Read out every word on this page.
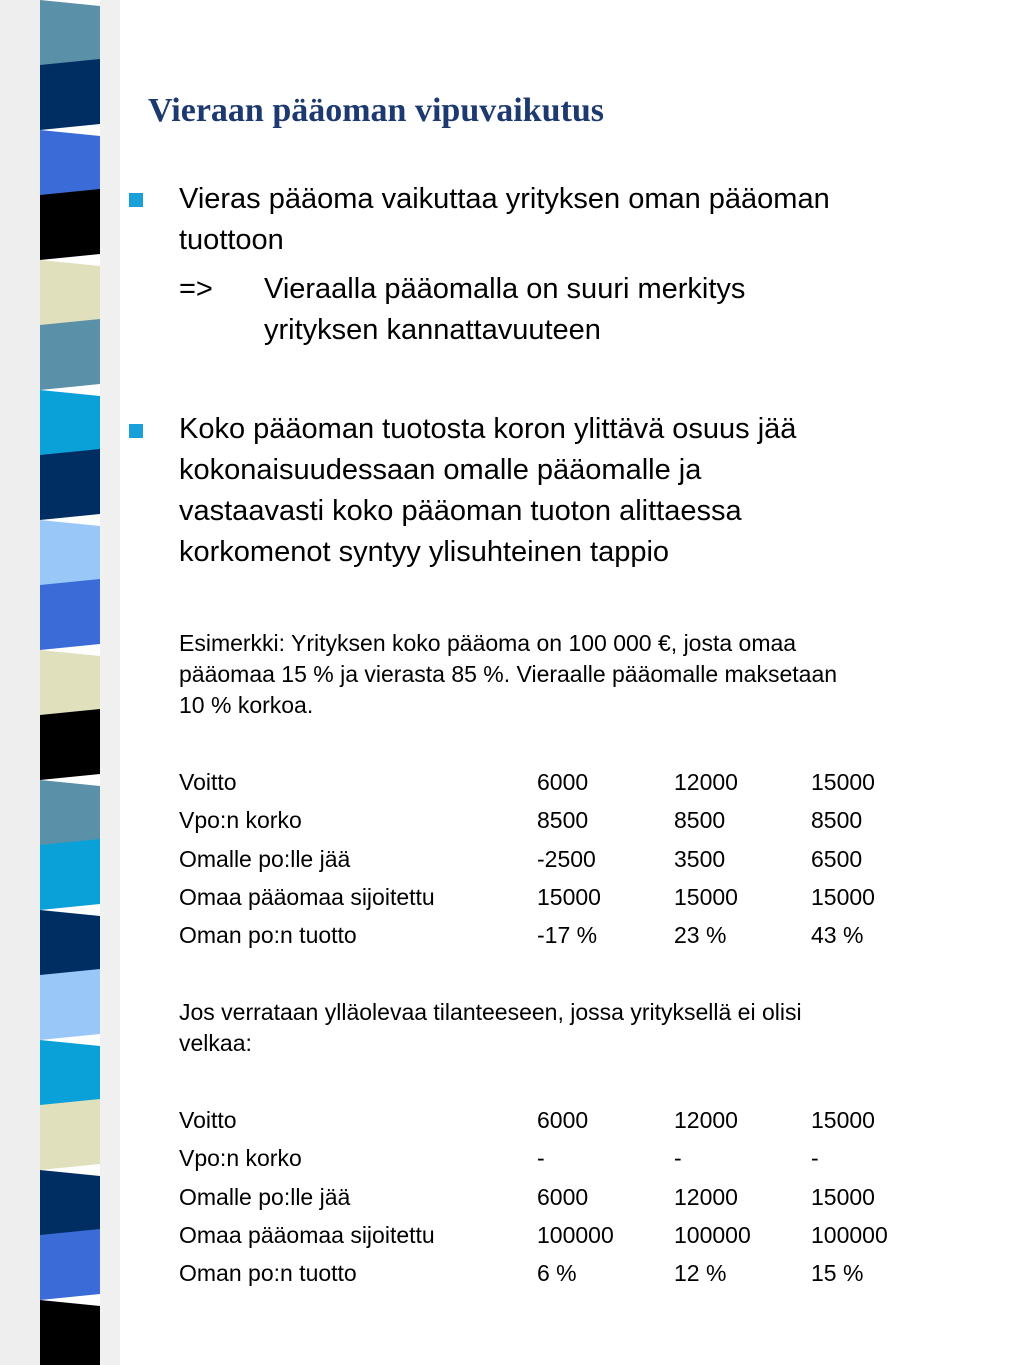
Vieraan pääoman vipuvaikutus
Vieras pääoma vaikuttaa yrityksen oman pääoman
tuottoon
=> Vieraalla pääomalla on suuri merkitys
yrityksen kannattavuuteen
Koko pääoman tuotosta koron ylittävä osuus jää
kokonaisuudessaan omalle pääomalle ja
vastaavasti koko pääoman tuoton alittaessa
korkomenot syntyy ylisuhteinen tappio
Esimerkki: Yrityksen koko pääoma on 100 000 €, josta omaa
pääomaa 15 % ja vierasta 85 %. Vieraalle pääomalle maksetaan
10 % korkoa.
Voitto	6000	12000	15000
Vpo:n korko	8500	8500	8500
Omalle po:lle jää	-2500	3500	6500
Omaa pääomaa sijoitettu	15000	15000	15000
Oman po:n tuotto	-17 %	23 %	43 %
Jos verrataan ylläolevaa tilanteeseen, jossa yrityksellä ei olisi
velkaa:
Voitto	6000	12000	15000
Vpo:n korko	-	-	-
Omalle po:lle jää	6000	12000	15000
Omaa pääomaa sijoitettu	100000	100000	100000
Oman po:n tuotto	6 %	12 %	15 %
